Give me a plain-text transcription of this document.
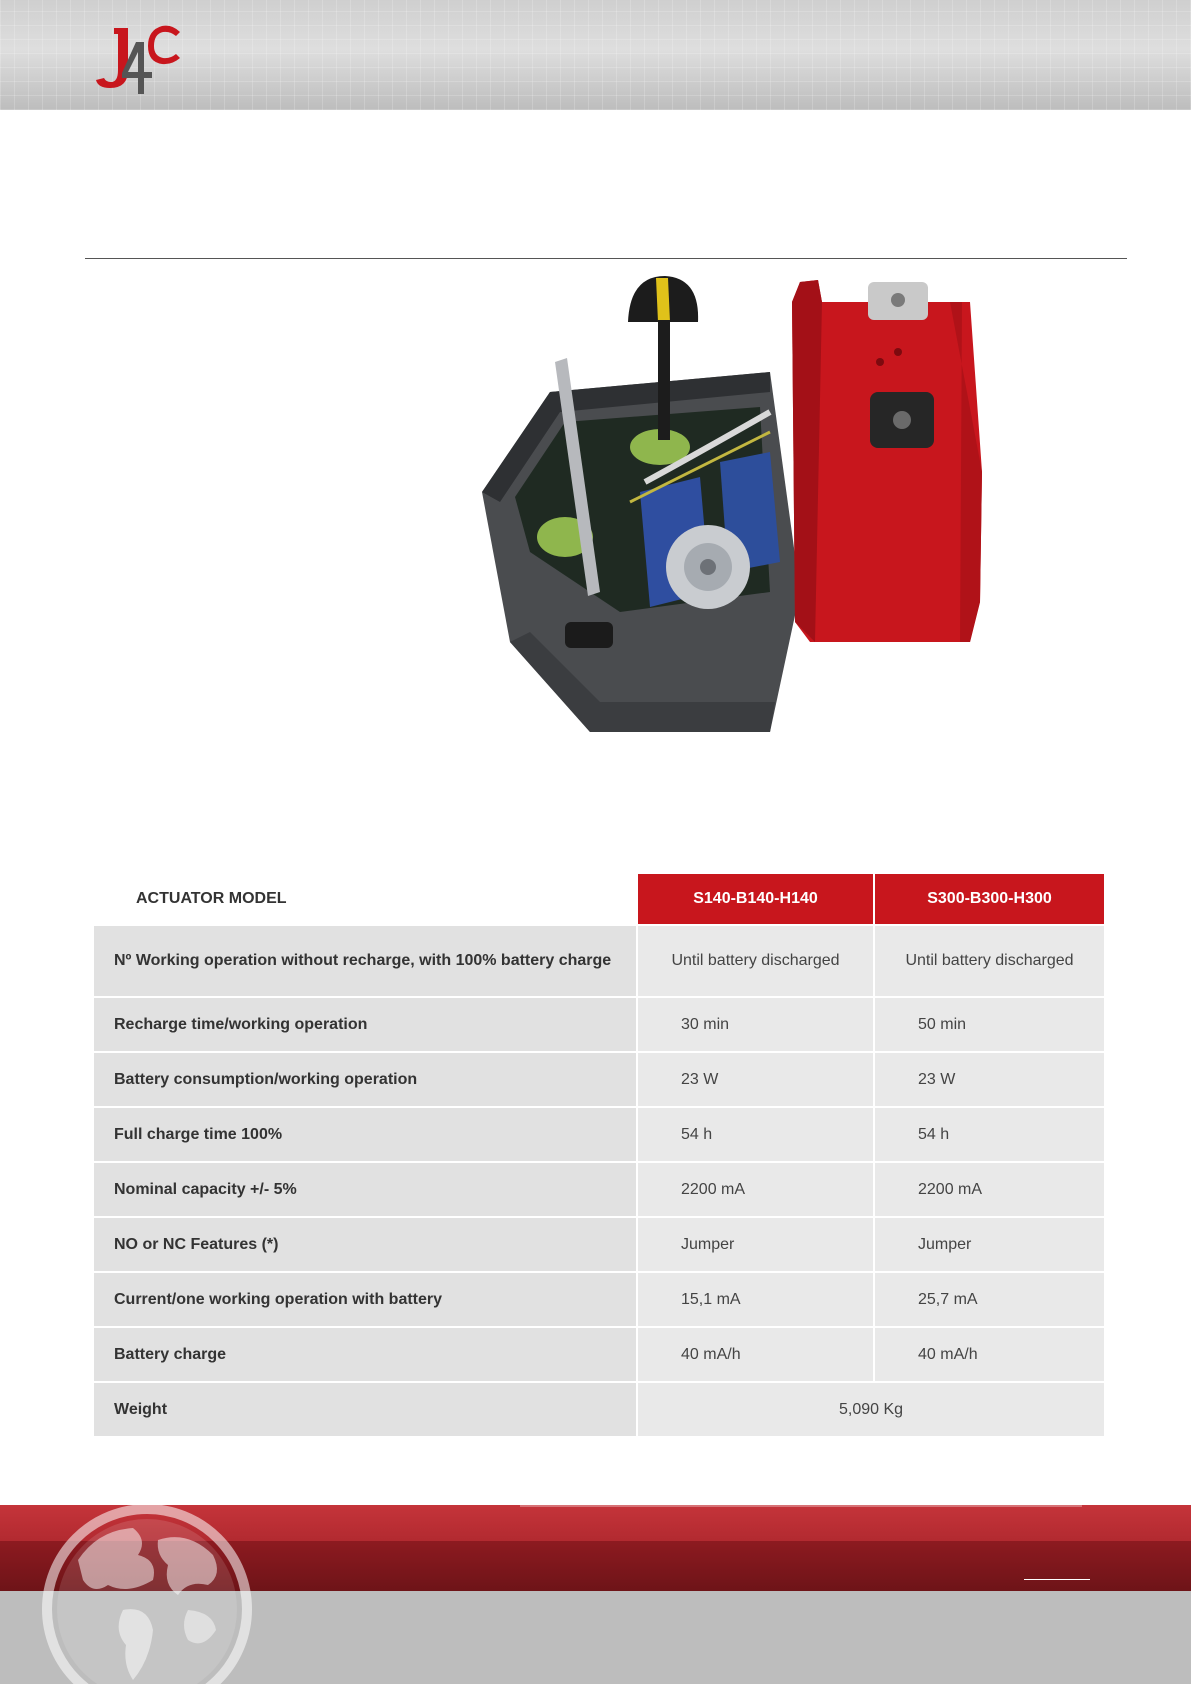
ACTUATOR MODEL	S140-B140-H140	S300-B300-H300
Nº Working operation without recharge, with 100% battery charge	Until battery discharged	Until battery discharged
Recharge time/working operation	30 min	50 min
Battery consumption/working operation	23 W	23 W
Full charge time 100%	54 h	54 h
Nominal capacity +/- 5%	2200 mA	2200 mA
NO or NC Features (*)	Jumper	Jumper
Current/one working operation with battery	15,1 mA	25,7 mA
Battery charge	40 mA/h	40 mA/h
Weight	5,090 Kg	
